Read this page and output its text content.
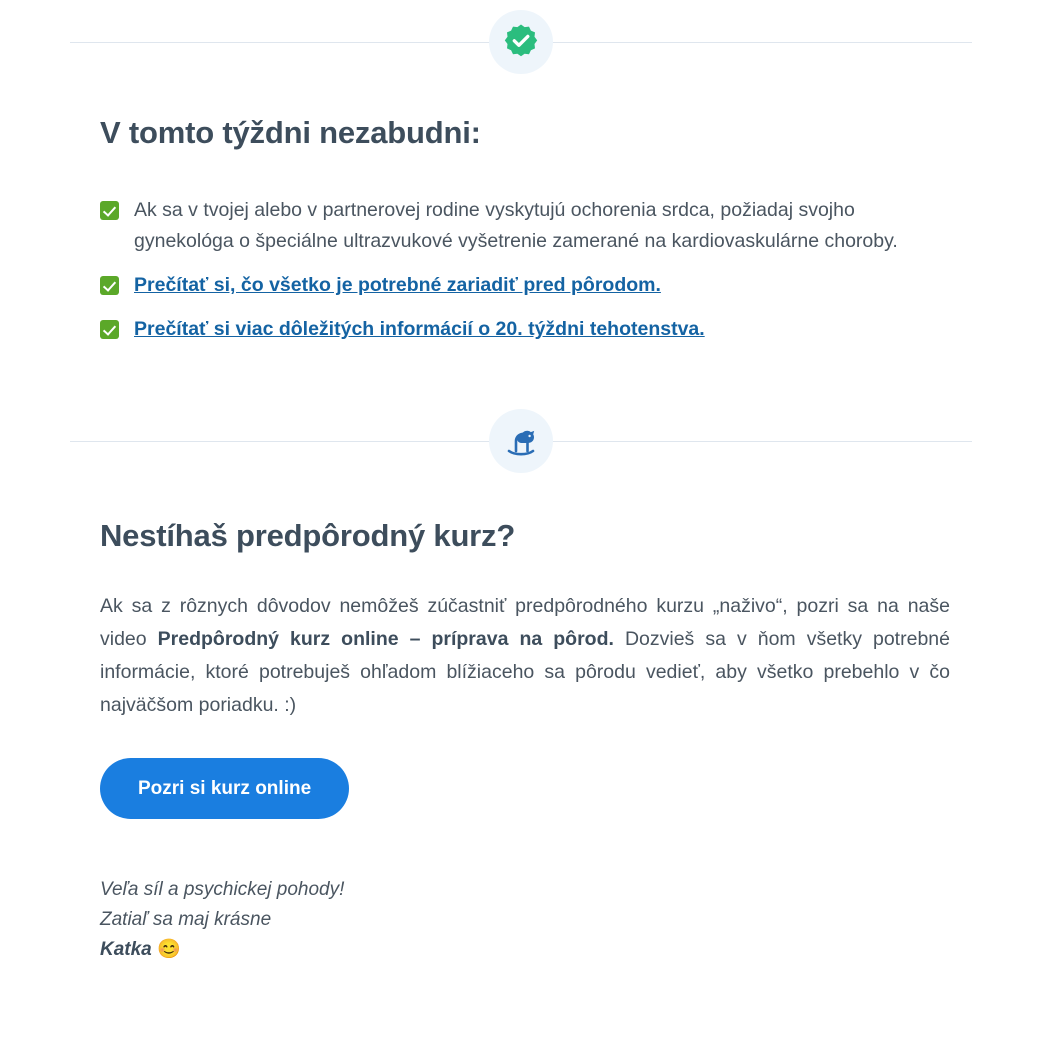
V tomto týždni nezabudni:
Ak sa v tvojej alebo v partnerovej rodine vyskytujú ochorenia srdca, požiadaj svojho gynekológa o špeciálne ultrazvukové vyšetrenie zamerané na kardiovaskulárne choroby.
Prečítať si, čo všetko je potrebné zariadiť pred pôrodom.
Prečítať si viac dôležitých informácií o 20. týždni tehotenstva.
Nestíhaš predpôrodný kurz?

Ak sa z rôznych dôvodov nemôžeš zúčastniť predpôrodného kurzu „naživo“, pozri sa na naše video Predpôrodný kurz online – príprava na pôrod. Dozvieš sa v ňom všetky potrebné informácie, ktoré potrebuješ ohľadom blížiaceho sa pôrodu vedieť, aby všetko prebehlo v čo najväčšom poriadku. :)

Pozri si kurz online
Veľa síl a psychickej pohody!
Zatiaľ sa maj krásne
Katka 😊
